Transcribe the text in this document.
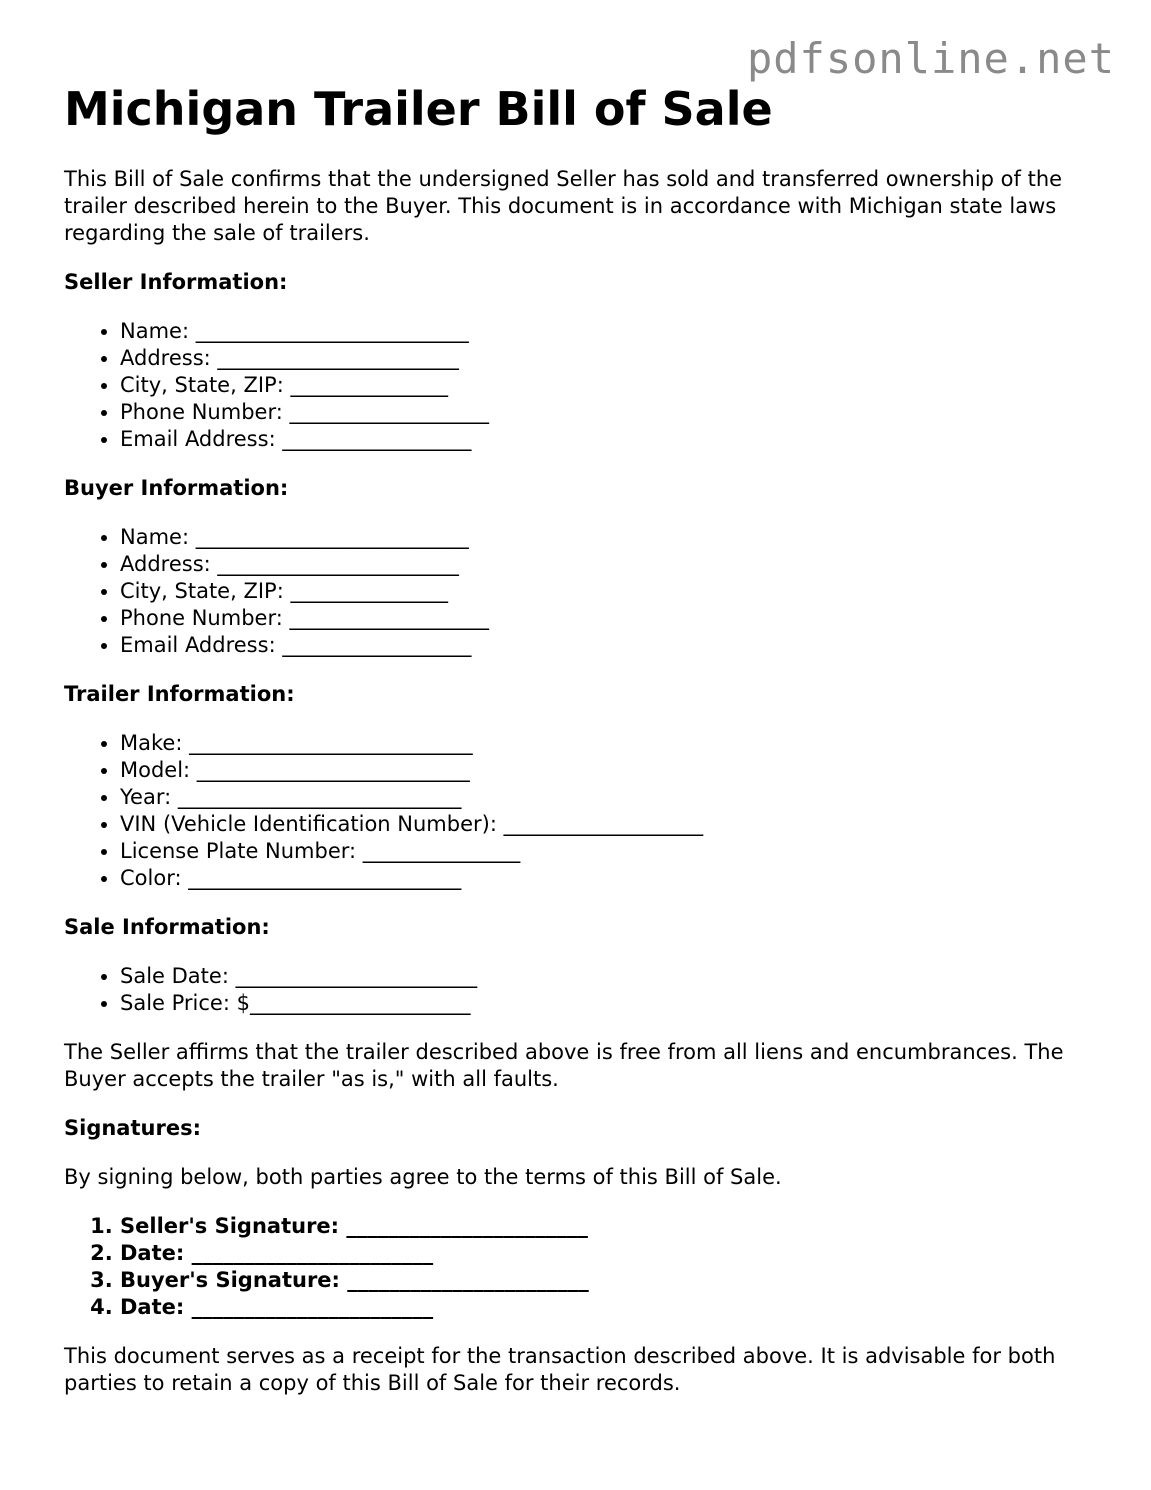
pdfsonline.net
Michigan Trailer Bill of Sale

This Bill of Sale confirms that the undersigned Seller has sold and transferred ownership of the trailer described herein to the Buyer. This document is in accordance with Michigan state laws regarding the sale of trailers.

Seller Information:
• Name: __________________________
• Address: _______________________
• City, State, ZIP: _______________
• Phone Number: ___________________
• Email Address: __________________
Buyer Information:
• Name: __________________________
• Address: _______________________
• City, State, ZIP: _______________
• Phone Number: ___________________
• Email Address: __________________
Trailer Information:
• Make: ___________________________
• Model: __________________________
• Year: ___________________________
• VIN (Vehicle Identification Number): ___________________
• License Plate Number: _______________
• Color: __________________________
Sale Information:
• Sale Date: _______________________
• Sale Price: $_____________________

The Seller affirms that the trailer described above is free from all liens and encumbrances. The Buyer accepts the trailer "as is," with all faults.

Signatures:

By signing below, both parties agree to the terms of this Bill of Sale.

1. Seller's Signature: _______________________
2. Date: _______________________
3. Buyer's Signature: _______________________
4. Date: _______________________

This document serves as a receipt for the transaction described above. It is advisable for both parties to retain a copy of this Bill of Sale for their records.
